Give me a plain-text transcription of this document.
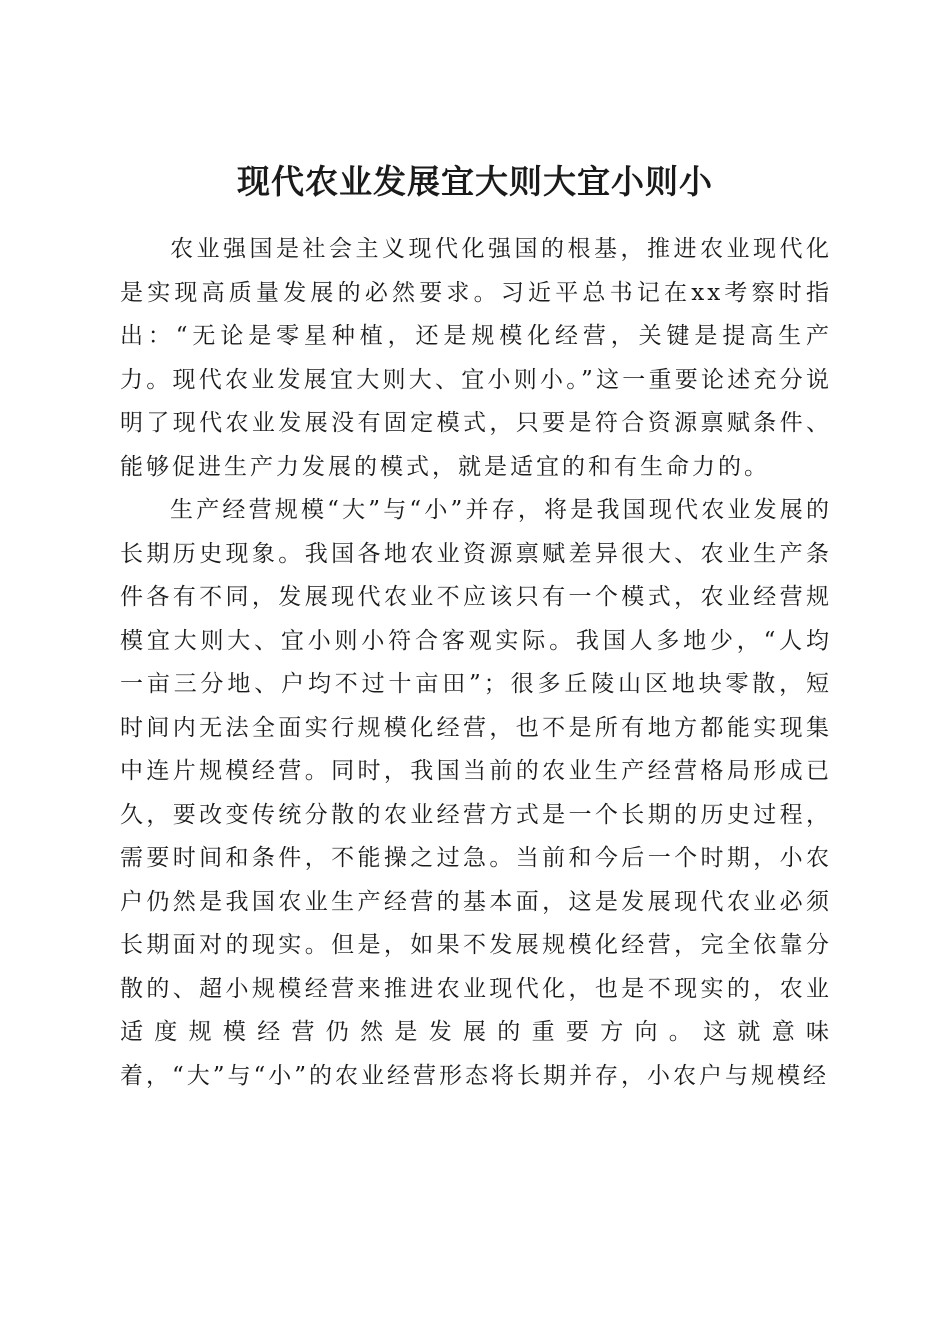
现代农业发展宜大则大宜小则小

农业强国是社会主义现代化强国的根基，推进农业现代化是实现高质量发展的必然要求。习近平总书记在xx考察时指出：“无论是零星种植，还是规模化经营，关键是提高生产力。现代农业发展宜大则大、宜小则小。”这一重要论述充分说明了现代农业发展没有固定模式，只要是符合资源禀赋条件、能够促进生产力发展的模式，就是适宜的和有生命力的。

生产经营规模“大”与“小”并存，将是我国现代农业发展的长期历史现象。我国各地农业资源禀赋差异很大、农业生产条件各有不同，发展现代农业不应该只有一个模式，农业经营规模宜大则大、宜小则小符合客观实际。我国人多地少，“人均一亩三分地、户均不过十亩田”；很多丘陵山区地块零散，短时间内无法全面实行规模化经营，也不是所有地方都能实现集中连片规模经营。同时，我国当前的农业生产经营格局形成已久，要改变传统分散的农业经营方式是一个长期的历史过程，需要时间和条件，不能操之过急。当前和今后一个时期，小农户仍然是我国农业生产经营的基本面，这是发展现代农业必须长期面对的现实。但是，如果不发展规模化经营，完全依靠分散的、超小规模经营来推进农业现代化，也是不现实的，农业适度规模经营仍然是发展的重要方向。这就意味着，“大”与“小”的农业经营形态将长期并存，小农户与规模经
